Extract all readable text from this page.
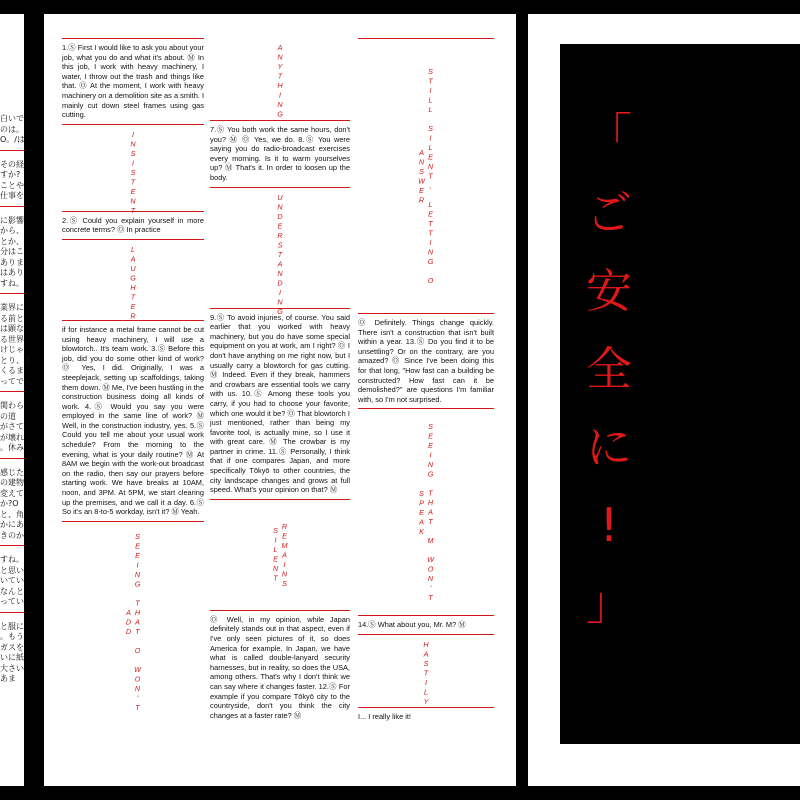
白いで
のは。
O。/は
その経
すか?
ことや
仕事を
に影響
から、
とか、
分はこ
ありま
はあり
すね。
業界に
る前と
は顕な
る世界
けじゃ
とり、名
くるま
ってでも
関わら
の道
がさて
が壊れ
。休み
感じた
の建物
変えて
か?O
と、角
かにあ
きのか
すね。
と思い
いてい
なんと
ってい
と服に
。もう
ガスを
いに紙
大さい
あま

1.Ⓢ First I would like to ask you about your job, what you do and what it's about. Ⓜ In this job, I work with heavy machinery, I water, I throw out the trash and things like that. Ⓞ At the moment, I work with heavy machinery on a demolition site as a smith. I mainly cut down steel frames using gas cutting.

INSISTENT

2.Ⓢ Could you explain yourself in more concrete terms? Ⓞ In practice

LAUGHTER

if for instance a metal frame cannot be cut using heavy machinery, I will use a blowtorch.. It's team work. 3.Ⓢ Before this job, did you do some other kind of work? Ⓞ Yes, I did. Originally, I was a steeplejack, setting up scaffoldings, taking them down. Ⓜ Me, I've been hustling in the construction business doing all kinds of work. 4.Ⓢ Would you say you were employed in the same line of work? Ⓜ Well, in the construction industry, yes. 5.Ⓢ Could you tell me about your usual work schedule? From the morning to the evening, what is your daily routine? Ⓜ At 8AM we begin with the work-out broadcast on the radio, then say our prayers before starting work. We have breaks at 10AM, noon, and 3PM. At 5PM, we start clearing up the premises, and we call it a day. 6.Ⓢ So it's an 8-to-5 workday, isn't it? Ⓜ Yeah.

SEEING THAT O WON'T ADD
ANYTHING

7.Ⓢ You both work the same hours, don't you? Ⓜ Ⓞ Yes, we do. 8.Ⓢ You were saying you do radio-broadcast exercises every morning. Is it to warm yourselves up? Ⓜ That's it. In order to loosen up the body.

UNDERSTANDING

9.Ⓢ To avoid injuries, of course. You said earlier that you worked with heavy machinery, but you do have some special equipment on you at work, am I right? Ⓞ I don't have anything on me right now, but I usually carry a blowtorch for gas cutting. Ⓜ Indeed. Even if they break, hammers and crowbars are essential tools we carry with us. 10.Ⓢ Among these tools you carry, if you had to choose your favorite, which one would it be? Ⓞ That blowtorch I just mentioned, rather than being my favorite tool, is actually mine, so I use it with great care. Ⓜ The crowbar is my partner in crime. 11.Ⓢ Personally, I think that if one compares Japan, and more specifically Tōkyō to other countries, the city landscape changes and grows at full speed. What's your opinion on that? Ⓜ

REMAINS SILENT

Ⓞ Well, in my opinion, while Japan definitely stands out in that aspect, even if I've only seen pictures of it, so does America for example. In Japan, we have what is called double-lanyard security harnesses, but in reality, so does the USA, among others. That's why I don't think we can say where it changes faster. 12.Ⓢ For example if you compare Tōkyō city to the countryside, don't you think the city changes at a faster rate? Ⓜ

STILL SILENT, LETTING O ANSWER

Ⓞ Definitely. Things change quickly. There isn't a construction that isn't built within a year. 13.Ⓢ Do you find it to be unsettling? Or on the contrary, are you amazed? Ⓞ Since I've been doing this for that long, "How fast can a building be constructed? How fast can it be demolished?" are questions I'm familiar with, so I'm not surprised.

SEEING THAT M WON'T SPEAK

14.Ⓢ What about you, Mr. M? Ⓜ

HASTILY

I... I really like it!

「
ご
安
全
に
!
」
